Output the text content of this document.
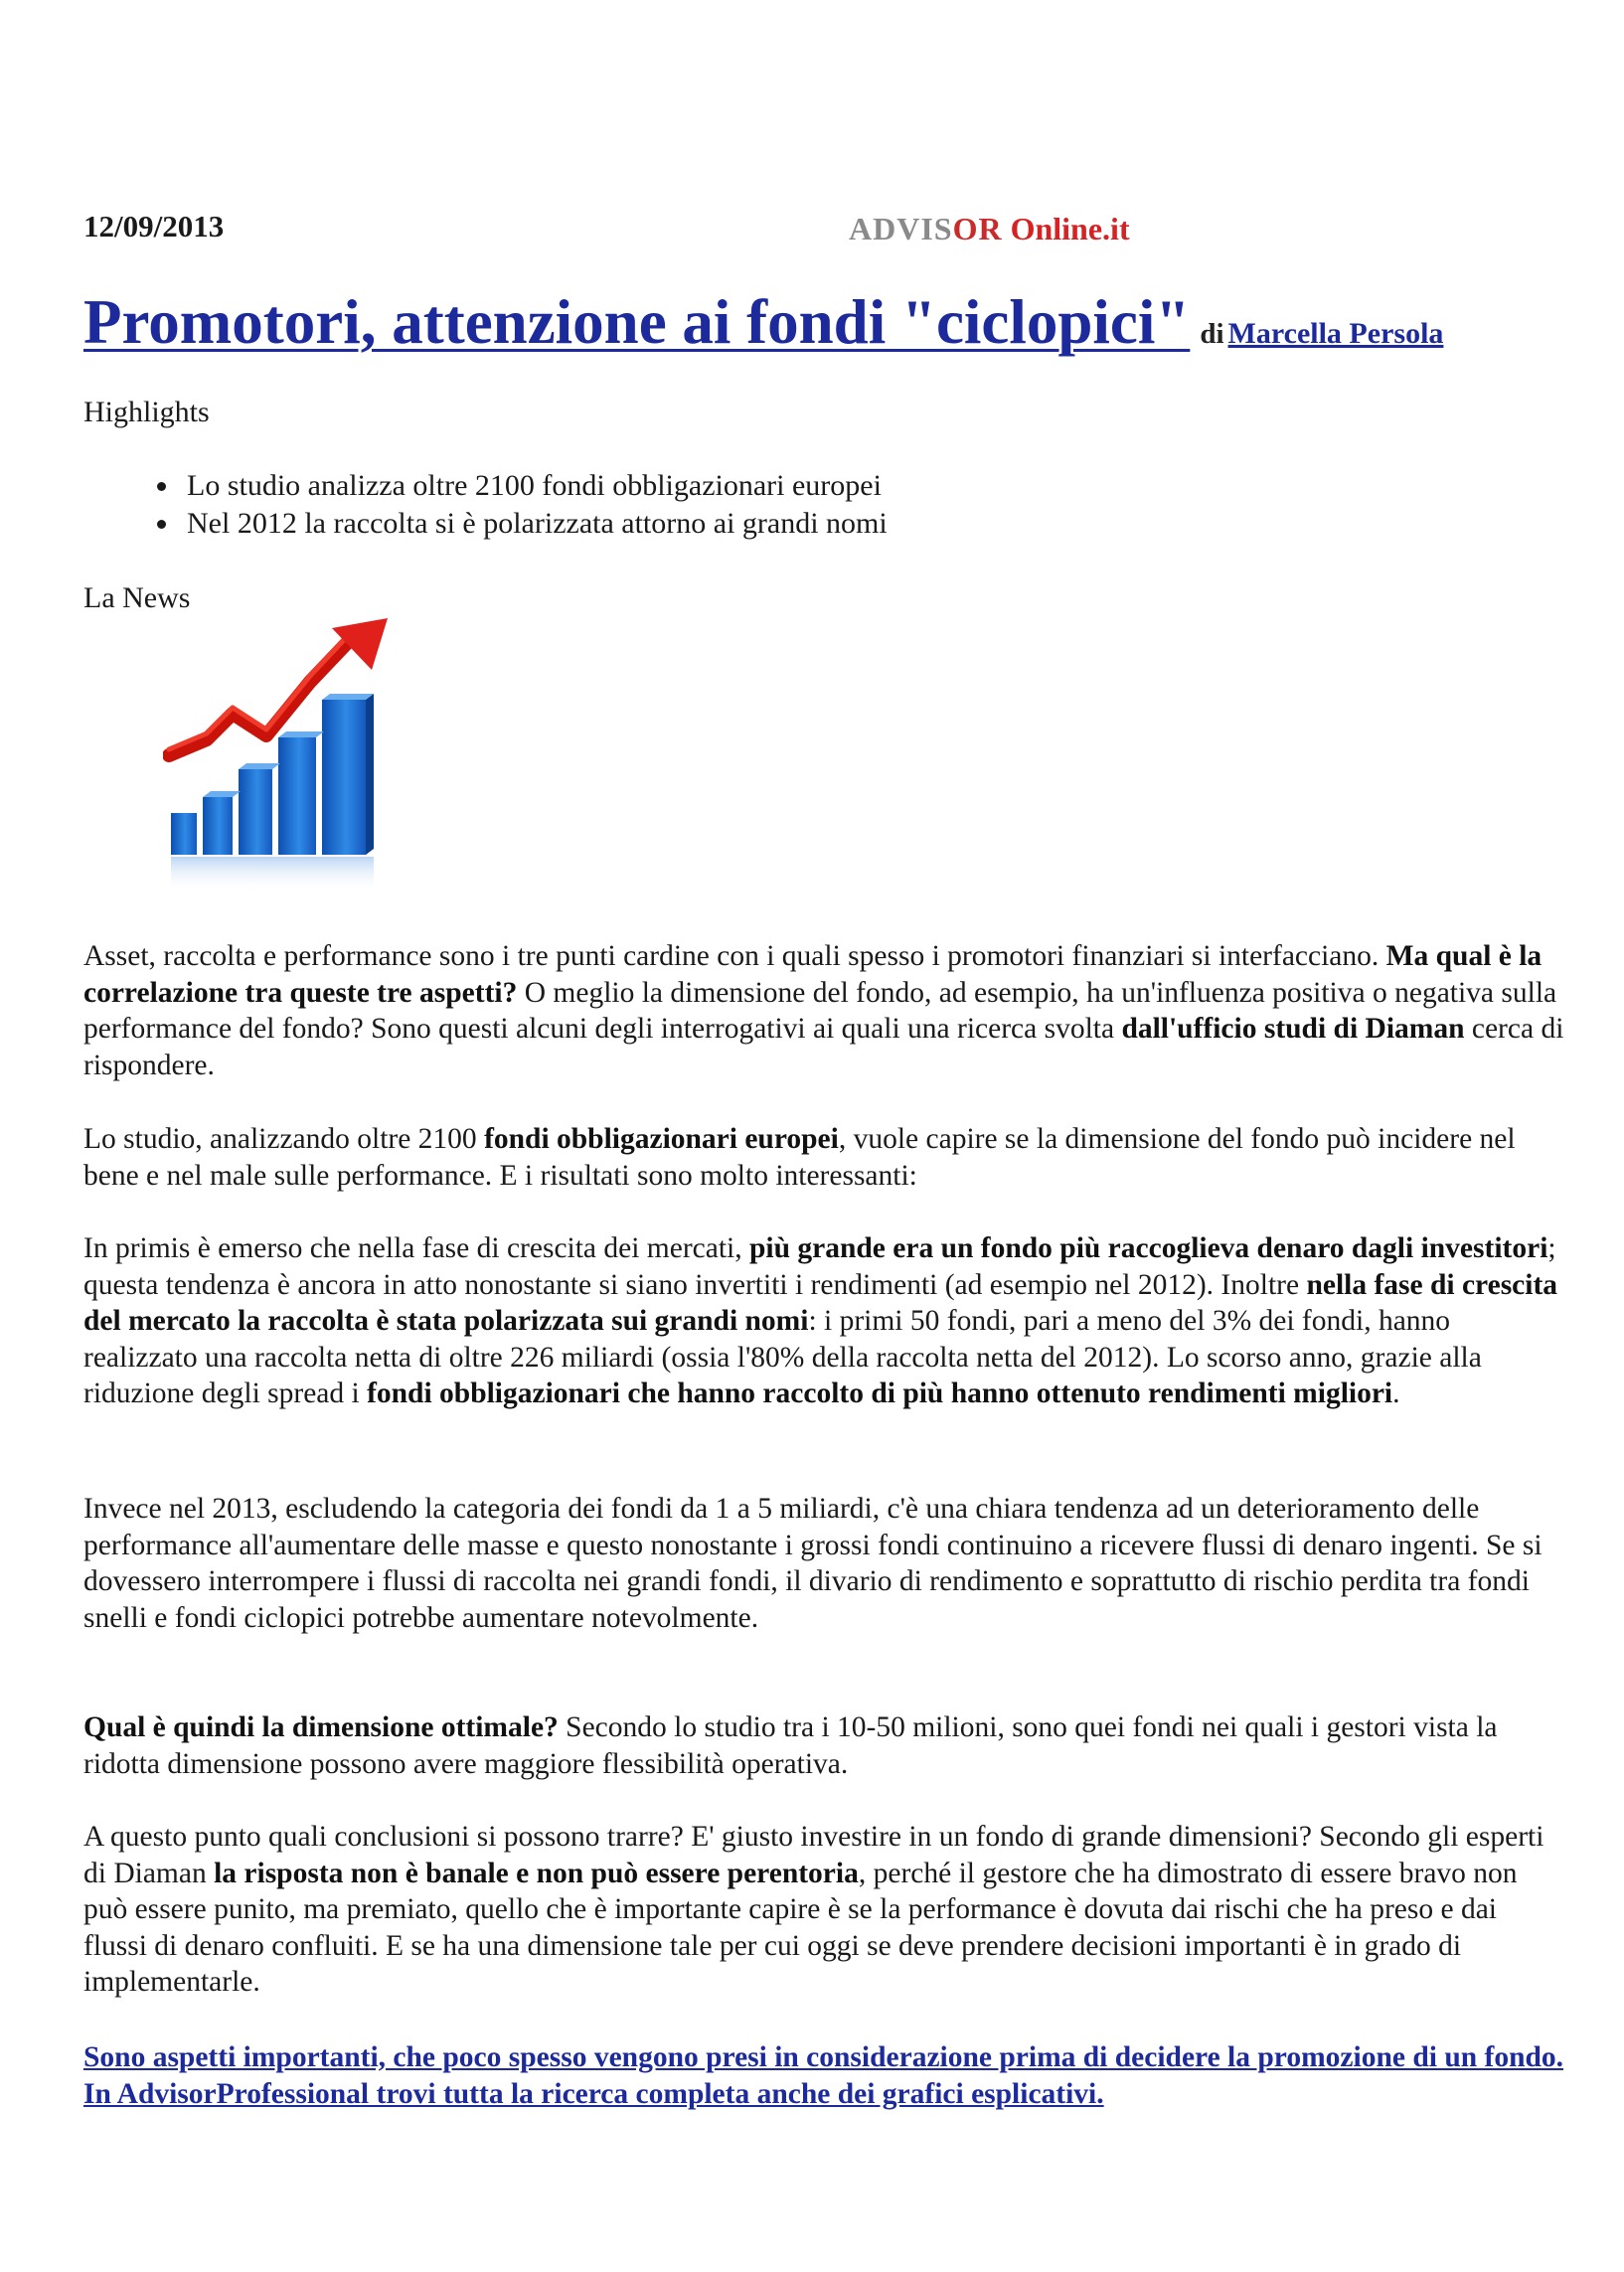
12/09/2013	ADVISOR Online.it
Promotori, attenzione ai fondi "ciclopici" di Marcella Persola
Highlights
• Lo studio analizza oltre 2100 fondi obbligazionari europei
• Nel 2012 la raccolta si è polarizzata attorno ai grandi nomi
La News
Asset, raccolta e performance sono i tre punti cardine con i quali spesso i promotori finanziari si interfacciano. Ma qual è la correlazione tra queste tre aspetti? O meglio la dimensione del fondo, ad esempio, ha un'influenza positiva o negativa sulla performance del fondo? Sono questi alcuni degli interrogativi ai quali una ricerca svolta dall'ufficio studi di Diaman cerca di rispondere.
Lo studio, analizzando oltre 2100 fondi obbligazionari europei, vuole capire se la dimensione del fondo può incidere nel bene e nel male sulle performance. E i risultati sono molto interessanti:
In primis è emerso che nella fase di crescita dei mercati, più grande era un fondo più raccoglieva denaro dagli investitori; questa tendenza è ancora in atto nonostante si siano invertiti i rendimenti (ad esempio nel 2012). Inoltre nella fase di crescita del mercato la raccolta è stata polarizzata sui grandi nomi: i primi 50 fondi, pari a meno del 3% dei fondi, hanno realizzato una raccolta netta di oltre 226 miliardi (ossia l'80% della raccolta netta del 2012). Lo scorso anno, grazie alla riduzione degli spread i fondi obbligazionari che hanno raccolto di più hanno ottenuto rendimenti migliori.
Invece nel 2013, escludendo la categoria dei fondi da 1 a 5 miliardi, c'è una chiara tendenza ad un deterioramento delle performance all'aumentare delle masse e questo nonostante i grossi fondi continuino a ricevere flussi di denaro ingenti. Se si dovessero interrompere i flussi di raccolta nei grandi fondi, il divario di rendimento e soprattutto di rischio perdita tra fondi snelli e fondi ciclopici potrebbe aumentare notevolmente.
Qual è quindi la dimensione ottimale? Secondo lo studio tra i 10-50 milioni, sono quei fondi nei quali i gestori vista la ridotta dimensione possono avere maggiore flessibilità operativa.
A questo punto quali conclusioni si possono trarre? E' giusto investire in un fondo di grande dimensioni? Secondo gli esperti di Diaman la risposta non è banale e non può essere perentoria, perché il gestore che ha dimostrato di essere bravo non può essere punito, ma premiato, quello che è importante capire è se la performance è dovuta dai rischi che ha preso e dai flussi di denaro confluiti. E se ha una dimensione tale per cui oggi se deve prendere decisioni importanti è in grado di implementarle.
Sono aspetti importanti, che poco spesso vengono presi in considerazione prima di decidere la promozione di un fondo. In AdvisorProfessional trovi tutta la ricerca completa anche dei grafici esplicativi.
